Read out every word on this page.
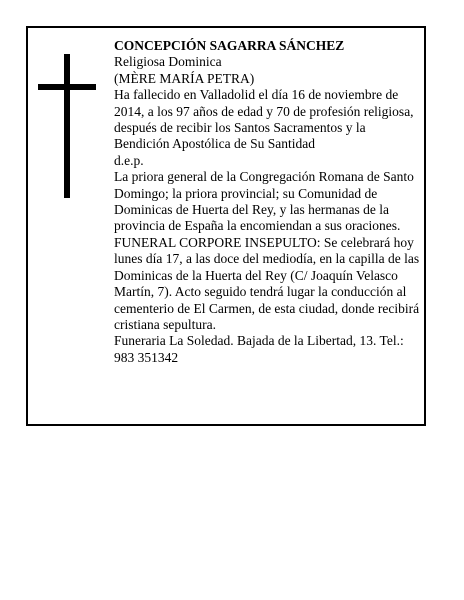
CONCEPCIÓN SAGARRA SÁNCHEZ

Religiosa Dominica

(MÈRE MARÍA PETRA)

Ha fallecido en Valladolid el día 16 de noviembre de 2014, a los 97 años de edad y 70 de profesión religiosa, después de recibir los Santos Sacramentos y la Bendición Apostólica de Su Santidad

d.e.p.

La priora general de la Congregación Romana de Santo Domingo; la priora provincial; su Comunidad de Dominicas de Huerta del Rey, y las hermanas de la provincia de España la encomiendan a sus oraciones.

FUNERAL CORPORE INSEPULTO: Se celebrará hoy lunes día 17, a las doce del mediodía, en la capilla de las Dominicas de la Huerta del Rey (C/ Joaquín Velasco Martín, 7). Acto seguido tendrá lugar la conducción al cementerio de El Carmen, de esta ciudad, donde recibirá cristiana sepultura.

Funeraria La Soledad. Bajada de la Libertad, 13. Tel.: 983 351342
